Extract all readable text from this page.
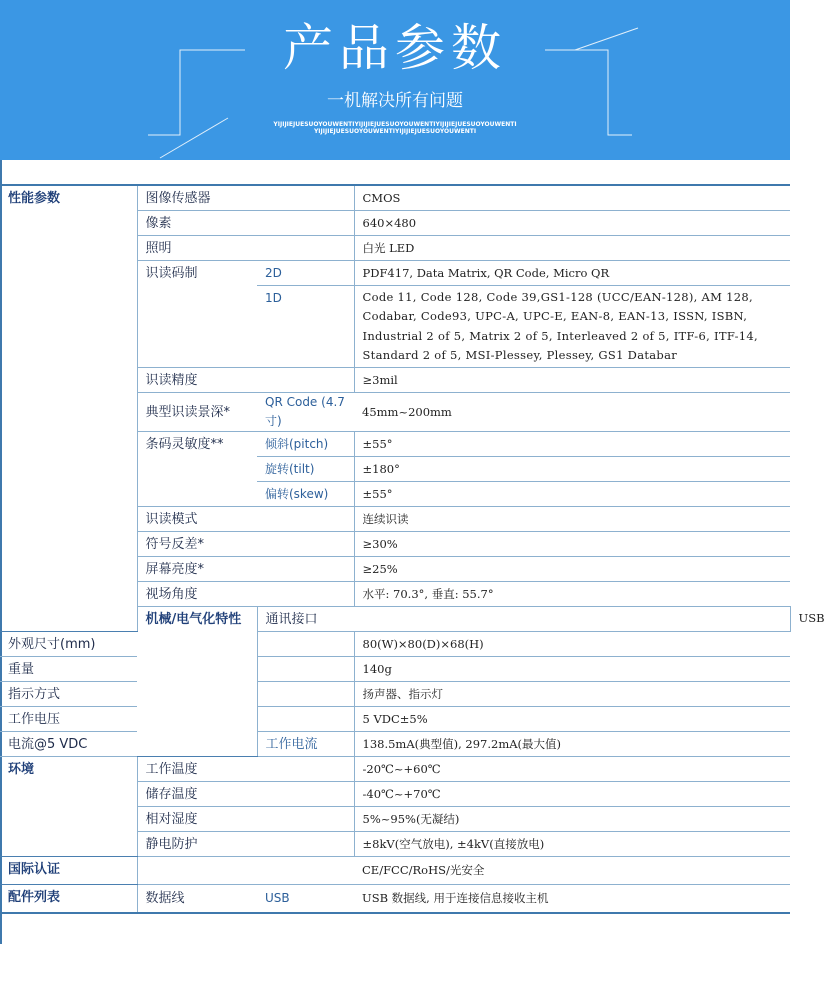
产品参数
一机解决所有问题
YIJIJIEJUESUOYOUWENTIYIJIJIEJUESUOYOUWENTIYIJIJIEJUESUOYOUWENTI
YIJIJIEJUESUOYOUWENTIYIJIJIEJUESUOYOUWENTI
性能参数	图像传感器		CMOS	
	像素		640×480	
	照明		白光 LED	
	识读码制	2D	PDF417, Data Matrix, QR Code, Micro QR	
		1D	Code 11, Code 128, Code 39,GS1-128 (UCC/EAN-128), AM 128, Codabar, Code93, UPC-A, UPC-E, EAN-8, EAN-13, ISSN, ISBN, Industrial 2 of 5, Matrix 2 of 5, Interleaved 2 of 5, ITF-6, ITF-14, Standard 2 of 5, MSI-Plessey, Plessey, GS1 Databar	
	识读精度		≥3mil	
	典型识读景深*	QR Code (4.7 寸)	45mm~200mm	
	条码灵敏度**	倾斜(pitch)	±55°	
		旋转(tilt)	±180°	
		偏转(skew)	±55°	
	识读模式		连续识读	
	符号反差*		≥30%	
	屏幕亮度*		≥25%	
	视场角度		水平: 70.3°, 垂直: 55.7°	
	机械/电气化特性	通讯接口		USB
外观尺寸(mm)			80(W)×80(D)×68(H)	
重量			140g	
指示方式			扬声器、指示灯	
工作电压			5 VDC±5%	
电流@5 VDC		工作电流	138.5mA(典型值), 297.2mA(最大值)	
环境	工作温度		-20℃~+60℃	
	储存温度		-40℃~+70℃	
	相对湿度		5%~95%(无凝结)	
	静电防护		±8kV(空气放电), ±4kV(直接放电)	
国际认证			CE/FCC/RoHS/光安全	
配件列表	数据线	USB	USB 数据线, 用于连接信息接收主机	
